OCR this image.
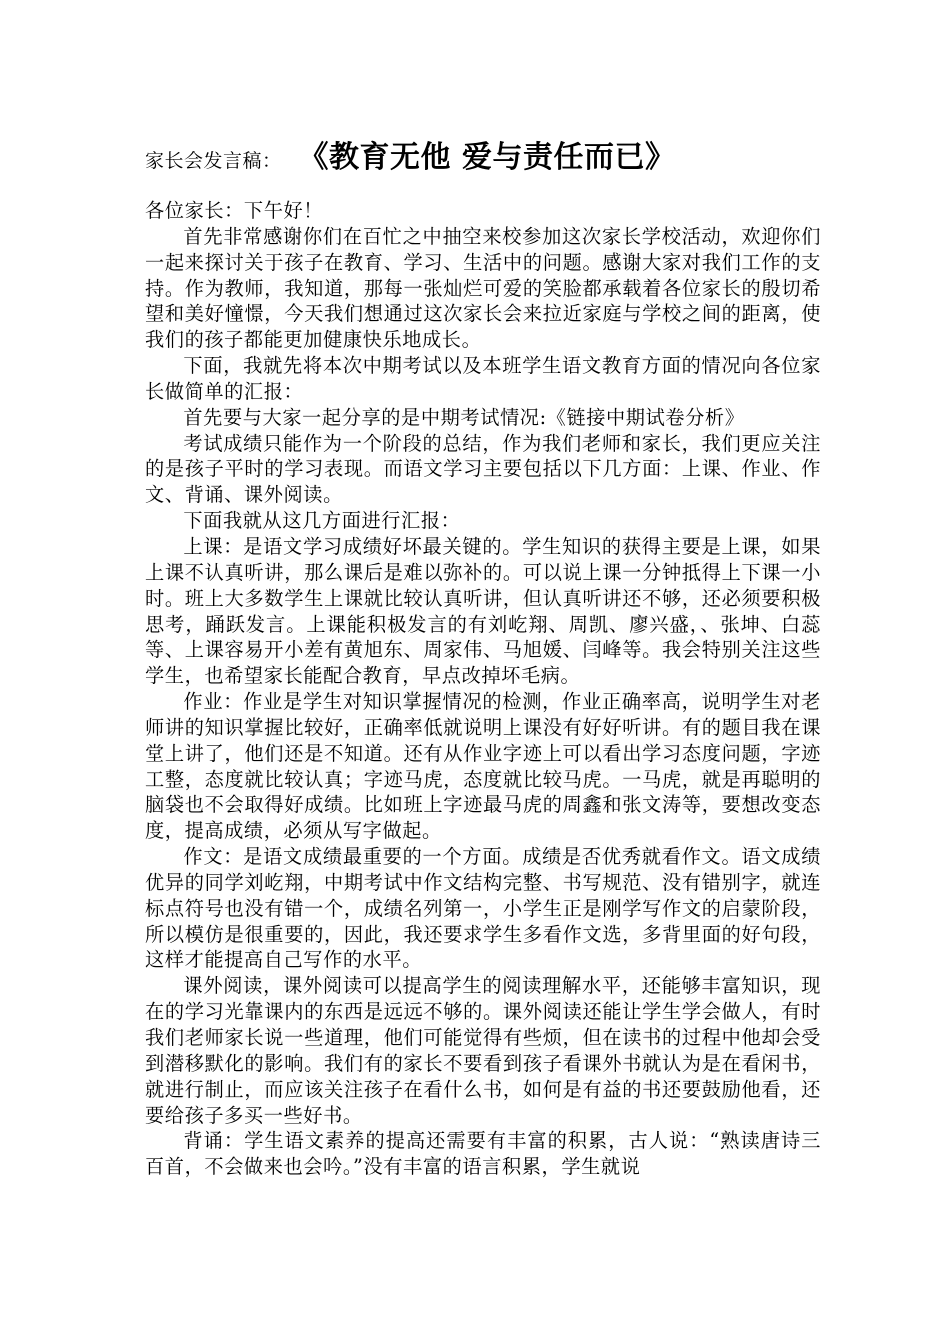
家长会发言稿： 《教育无他 爱与责任而已》

各位家长：下午好！

首先非常感谢你们在百忙之中抽空来校参加这次家长学校活动，欢迎你们一起来探讨关于孩子在教育、学习、生活中的问题。感谢大家对我们工作的支持。作为教师，我知道，那每一张灿烂可爱的笑脸都承载着各位家长的殷切希望和美好憧憬，今天我们想通过这次家长会来拉近家庭与学校之间的距离，使我们的孩子都能更加健康快乐地成长。

下面，我就先将本次中期考试以及本班学生语文教育方面的情况向各位家长做简单的汇报：

首先要与大家一起分享的是中期考试情况:《链接中期试卷分析》

考试成绩只能作为一个阶段的总结，作为我们老师和家长，我们更应关注的是孩子平时的学习表现。而语文学习主要包括以下几方面：上课、作业、作文、背诵、课外阅读。

下面我就从这几方面进行汇报：

上课：是语文学习成绩好坏最关键的。学生知识的获得主要是上课，如果上课不认真听讲，那么课后是难以弥补的。可以说上课一分钟抵得上下课一小时。班上大多数学生上课就比较认真听讲，但认真听讲还不够，还必须要积极思考，踊跃发言。上课能积极发言的有刘屹翔、周凯、廖兴盛，、张坤、白蕊等、上课容易开小差有黄旭东、周家伟、马旭媛、闫峰等。我会特别关注这些学生，也希望家长能配合教育，早点改掉坏毛病。

作业：作业是学生对知识掌握情况的检测，作业正确率高，说明学生对老师讲的知识掌握比较好，正确率低就说明上课没有好好听讲。有的题目我在课堂上讲了，他们还是不知道。还有从作业字迹上可以看出学习态度问题，字迹工整，态度就比较认真；字迹马虎，态度就比较马虎。一马虎，就是再聪明的脑袋也不会取得好成绩。比如班上字迹最马虎的周鑫和张文涛等，要想改变态度，提高成绩，必须从写字做起。

作文：是语文成绩最重要的一个方面。成绩是否优秀就看作文。语文成绩优异的同学刘屹翔，中期考试中作文结构完整、书写规范、没有错别字，就连标点符号也没有错一个，成绩名列第一，小学生正是刚学写作文的启蒙阶段，所以模仿是很重要的，因此，我还要求学生多看作文选，多背里面的好句段，这样才能提高自己写作的水平。

课外阅读，课外阅读可以提高学生的阅读理解水平，还能够丰富知识，现在的学习光靠课内的东西是远远不够的。课外阅读还能让学生学会做人，有时我们老师家长说一些道理，他们可能觉得有些烦，但在读书的过程中他却会受到潜移默化的影响。我们有的家长不要看到孩子看课外书就认为是在看闲书，就进行制止，而应该关注孩子在看什么书，如何是有益的书还要鼓励他看，还要给孩子多买一些好书。

背诵：学生语文素养的提高还需要有丰富的积累，古人说：“熟读唐诗三百首，不会做来也会吟。”没有丰富的语言积累，学生就说
